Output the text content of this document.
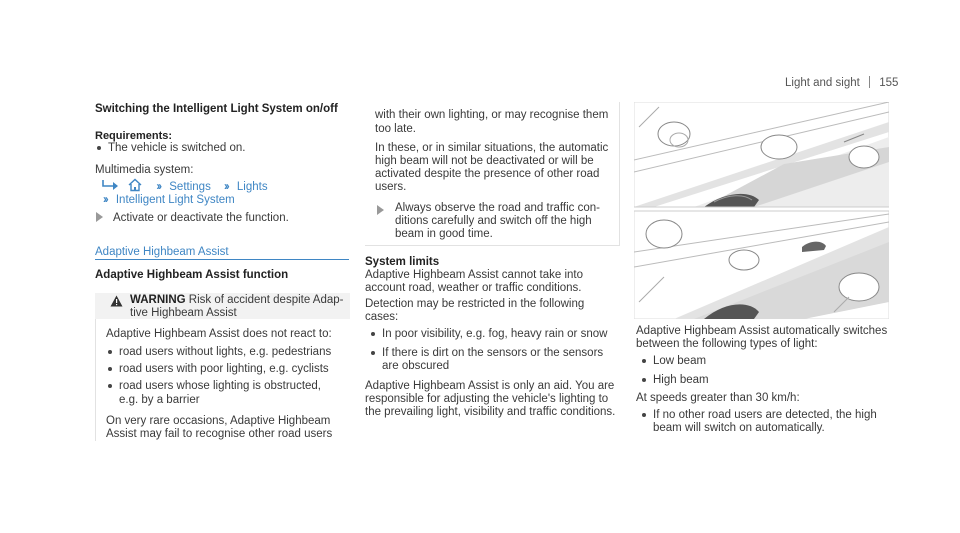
Light and sight 155
Switching the Intelligent Light System on/off
Requirements:
The vehicle is switched on.
Multimedia system:
›› Settings ›› Lights
›› Intelligent Light System
Activate or deactivate the function.
Adaptive Highbeam Assist
Adaptive Highbeam Assist function
WARNING Risk of accident despite Adap-
tive Highbeam Assist
Adaptive Highbeam Assist does not react to:
road users without lights, e.g. pedestrians
road users with poor lighting, e.g. cyclists
road users whose lighting is obstructed,
e.g. by a barrier
On very rare occasions, Adaptive Highbeam
Assist may fail to recognise other road users
with their own lighting, or may recognise them
too late.
In these, or in similar situations, the automatic
high beam will not be deactivated or will be
activated despite the presence of other road
users.
Always observe the road and traffic con-
ditions carefully and switch off the high
beam in good time.
System limits
Adaptive Highbeam Assist cannot take into
account road, weather or traffic conditions.
Detection may be restricted in the following
cases:
In poor visibility, e.g. fog, heavy rain or snow
If there is dirt on the sensors or the sensors
are obscured
Adaptive Highbeam Assist is only an aid. You are
responsible for adjusting the vehicle's lighting to
the prevailing light, visibility and traffic conditions.
Adaptive Highbeam Assist automatically switches
between the following types of light:
Low beam
High beam
At speeds greater than 30 km/h:
If no other road users are detected, the high
beam will switch on automatically.
